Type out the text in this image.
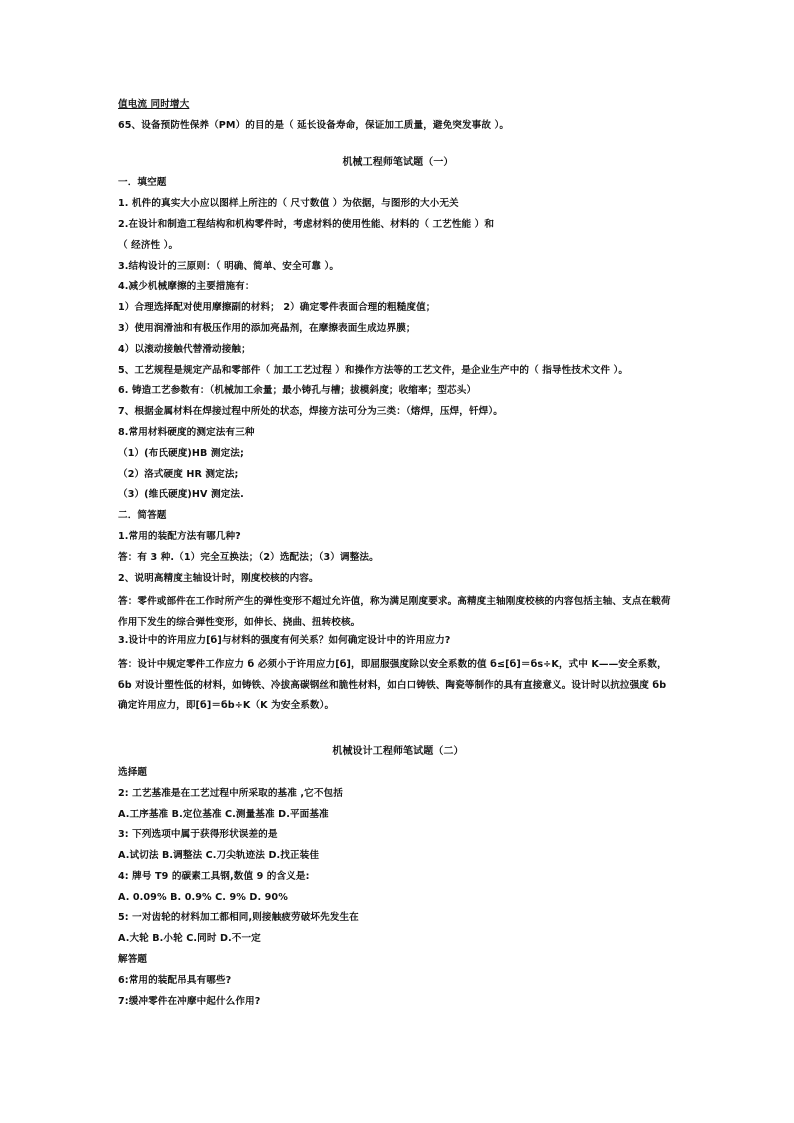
值电流 同时增大
65、设备预防性保养（PM）的目的是（ 延长设备寿命，保证加工质量，避免突发事故 ）。
机械工程师笔试题（一）
一．填空题
1. 机件的真实大小应以图样上所注的（ 尺寸数值 ）为依据，与图形的大小无关
2.在设计和制造工程结构和机构零件时，考虑材料的使用性能、材料的（ 工艺性能 ）和
（ 经济性 ）。
3.结构设计的三原则：（ 明确、简单、安全可靠 ）。
4.减少机械摩擦的主要措施有：
1）合理选择配对使用摩擦副的材料； 2）确定零件表面合理的粗糙度值；
3）使用润滑油和有极压作用的添加亮晶剂，在摩擦表面生成边界膜；
4）以滚动接触代替滑动接触；
5、工艺规程是规定产品和零部件（ 加工工艺过程 ）和操作方法等的工艺文件，是企业生产中的（ 指导性技术文件 ）。
6. 铸造工艺参数有：（机械加工余量；最小铸孔与槽；拔模斜度；收缩率；型芯头）
7、根据金属材料在焊接过程中所处的状态，焊接方法可分为三类：（熔焊，压焊，钎焊）。
8.常用材料硬度的测定法有三种
（1）(布氏硬度)HB 测定法;
（2）洛式硬度 HR 测定法;
（3）(维氏硬度)HV 测定法.
二．简答题
1.常用的装配方法有哪几种?
答：有 3 种.（1）完全互换法；（2）选配法；（3）调整法。
2、说明高精度主轴设计时，刚度校核的内容。
答：零件或部件在工作时所产生的弹性变形不超过允许值，称为满足刚度要求。高精度主轴刚度校核的内容包括主轴、支点在载荷作用下发生的综合弹性变形，如伸长、挠曲、扭转校核。
3.设计中的许用应力[б]与材料的强度有何关系？如何确定设计中的许用应力?
答：设计中规定零件工作应力 б 必须小于许用应力[б]，即屈服强度除以安全系数的值 б≤[б]＝бs÷K，式中 K——安全系数， бb 对设计塑性低的材料，如铸铁、冷拔高碳钢丝和脆性材料，如白口铸铁、陶瓷等制作的具有直接意义。设计时以抗拉强度 бb 确定许用应力，即[б]＝бb÷K（K 为安全系数）。
机械设计工程师笔试题（二）
选择题
2: 工艺基准是在工艺过程中所采取的基准 ,它不包括
A.工序基准 B.定位基准 C.测量基准 D.平面基准
3: 下列选项中属于获得形状误差的是
A.试切法 B.调整法 C.刀尖轨迹法 D.找正装佳
4: 牌号 T9 的碳素工具钢,数值 9 的含义是:
A. 0.09% B. 0.9% C. 9% D. 90%
5: 一对齿轮的材料加工都相同,则接触疲劳破坏先发生在
A.大轮 B.小轮 C.同时 D.不一定
解答题
6:常用的装配吊具有哪些?
7:缓冲零件在冲摩中起什么作用?
